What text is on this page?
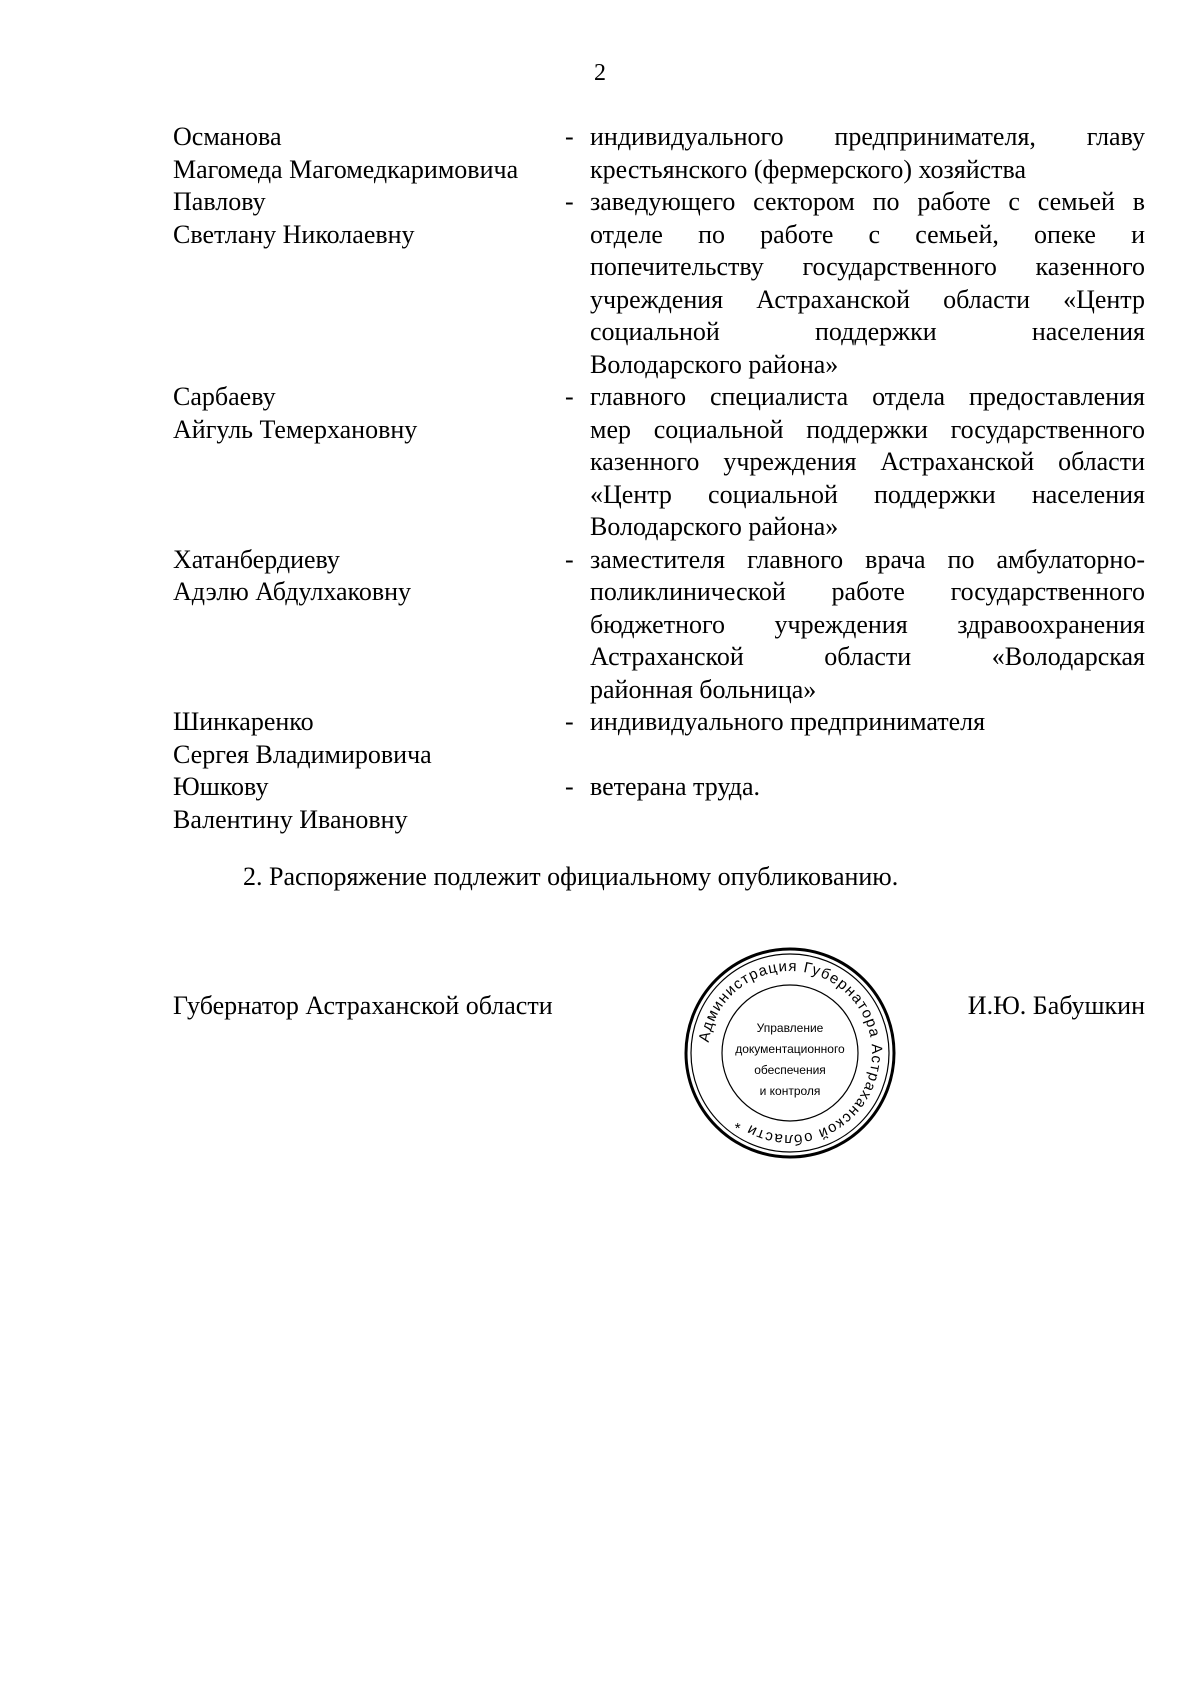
2
Османова
Магомеда Магомедкаримовича
- индивидуального предпринимателя, главу
крестьянского (фермерского) хозяйства
Павлову
Светлану Николаевну
- заведующего сектором по работе с семьей в
отделе по работе с семьей, опеке и
попечительству государственного казенного
учреждения Астраханской области «Центр
социальной поддержки населения
Володарского района»
Сарбаеву
Айгуль Темерхановну
- главного специалиста отдела предоставления
мер социальной поддержки государственного
казенного учреждения Астраханской области
«Центр социальной поддержки населения
Володарского района»
Хатанбердиеву
Адэлю Абдулхаковну
- заместителя главного врача по амбулаторно-
поликлинической работе государственного
бюджетного учреждения здравоохранения
Астраханской области «Володарская
районная больница»
Шинкаренко
Сергея Владимировича
- индивидуального предпринимателя
Юшкову
Валентину Ивановну
- ветерана труда.
2. Распоряжение подлежит официальному опубликованию.
Губернатор Астраханской области	И.Ю. Бабушкин
Администрация Губернатора Астраханской области *
Управление
документационного
обеспечения
и контроля
